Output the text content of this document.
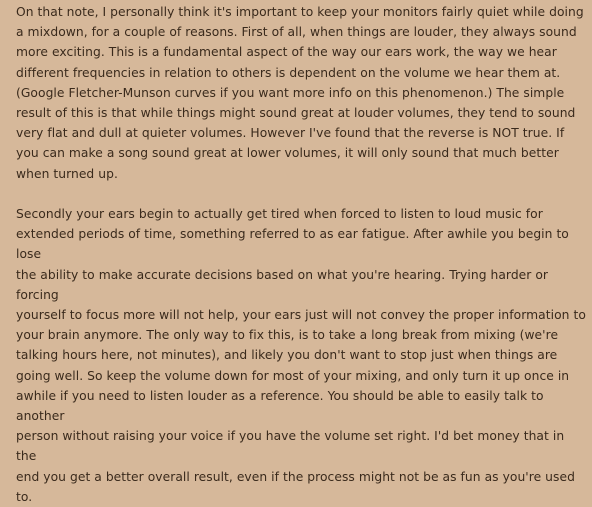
On that note, I personally think it's important to keep your monitors fairly quiet while doing
a mixdown, for a couple of reasons. First of all, when things are louder, they always sound
more exciting. This is a fundamental aspect of the way our ears work, the way we hear
different frequencies in relation to others is dependent on the volume we hear them at.
(Google Fletcher-Munson curves if you want more info on this phenomenon.) The simple
result of this is that while things might sound great at louder volumes, they tend to sound
very flat and dull at quieter volumes. However I've found that the reverse is NOT true. If
you can make a song sound great at lower volumes, it will only sound that much better
when turned up.
Secondly your ears begin to actually get tired when forced to listen to loud music for
extended periods of time, something referred to as ear fatigue. After awhile you begin to lose
the ability to make accurate decisions based on what you're hearing. Trying harder or forcing
yourself to focus more will not help, your ears just will not convey the proper information to
your brain anymore. The only way to fix this, is to take a long break from mixing (we're
talking hours here, not minutes), and likely you don't want to stop just when things are
going well. So keep the volume down for most of your mixing, and only turn it up once in
awhile if you need to listen louder as a reference. You should be able to easily talk to another
person without raising your voice if you have the volume set right. I'd bet money that in the
end you get a better overall result, even if the process might not be as fun as you're used
to.
